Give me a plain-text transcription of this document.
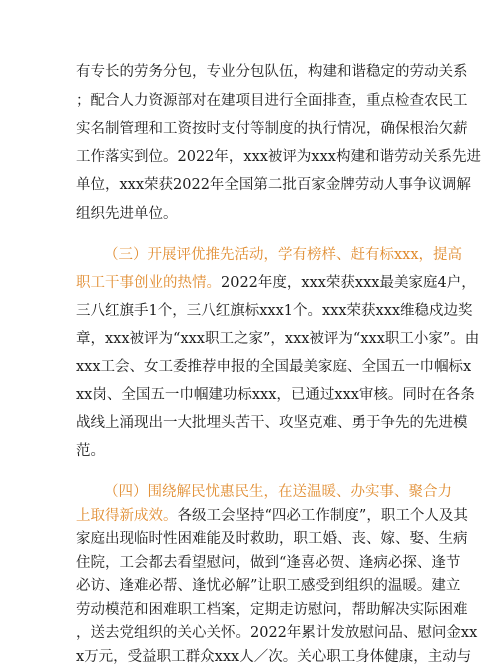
有专长的劳务分包，专业分包队伍，构建和谐稳定的劳动关系
；配合人力资源部对在建项目进行全面排查，重点检查农民工
实名制管理和工资按时支付等制度的执行情况，确保根治欠薪
工作落实到位。2022年，xxx被评为xxx构建和谐劳动关系先进
单位，xxx荣获2022年全国第二批百家金牌劳动人事争议调解
组织先进单位。
（三）开展评优推先活动，学有榜样、赶有标xxx，提高
职工干事创业的热情。2022年度，xxx荣获xxx最美家庭4户，
三八红旗手1个，三八红旗标xxx1个。xxx荣获xxx维稳戍边奖
章，xxx被评为“xxx职工之家”，xxx被评为“xxx职工小家”。由
xxx工会、女工委推荐申报的全国最美家庭、全国五一巾帼标x
xx岗、全国五一巾帼建功标xxx，已通过xxx审核。同时在各条
战线上涌现出一大批埋头苦干、攻坚克难、勇于争先的先进模
范。
（四）围绕解民忧惠民生，在送温暖、办实事、聚合力
上取得新成效。各级工会坚持“四必工作制度”，职工个人及其
家庭出现临时性困难能及时救助，职工婚、丧、嫁、娶、生病
住院，工会都去看望慰问，做到“逢喜必贺、逢病必探、逢节
必访、逢难必帮、逢忧必解”让职工感受到组织的温暖。建立
劳动模范和困难职工档案，定期走访慰问，帮助解决实际困难
，送去党组织的关心关怀。2022年累计发放慰问品、慰问金xx
x万元，受益职工群众xxx人／次。关心职工身体健康，主动与
